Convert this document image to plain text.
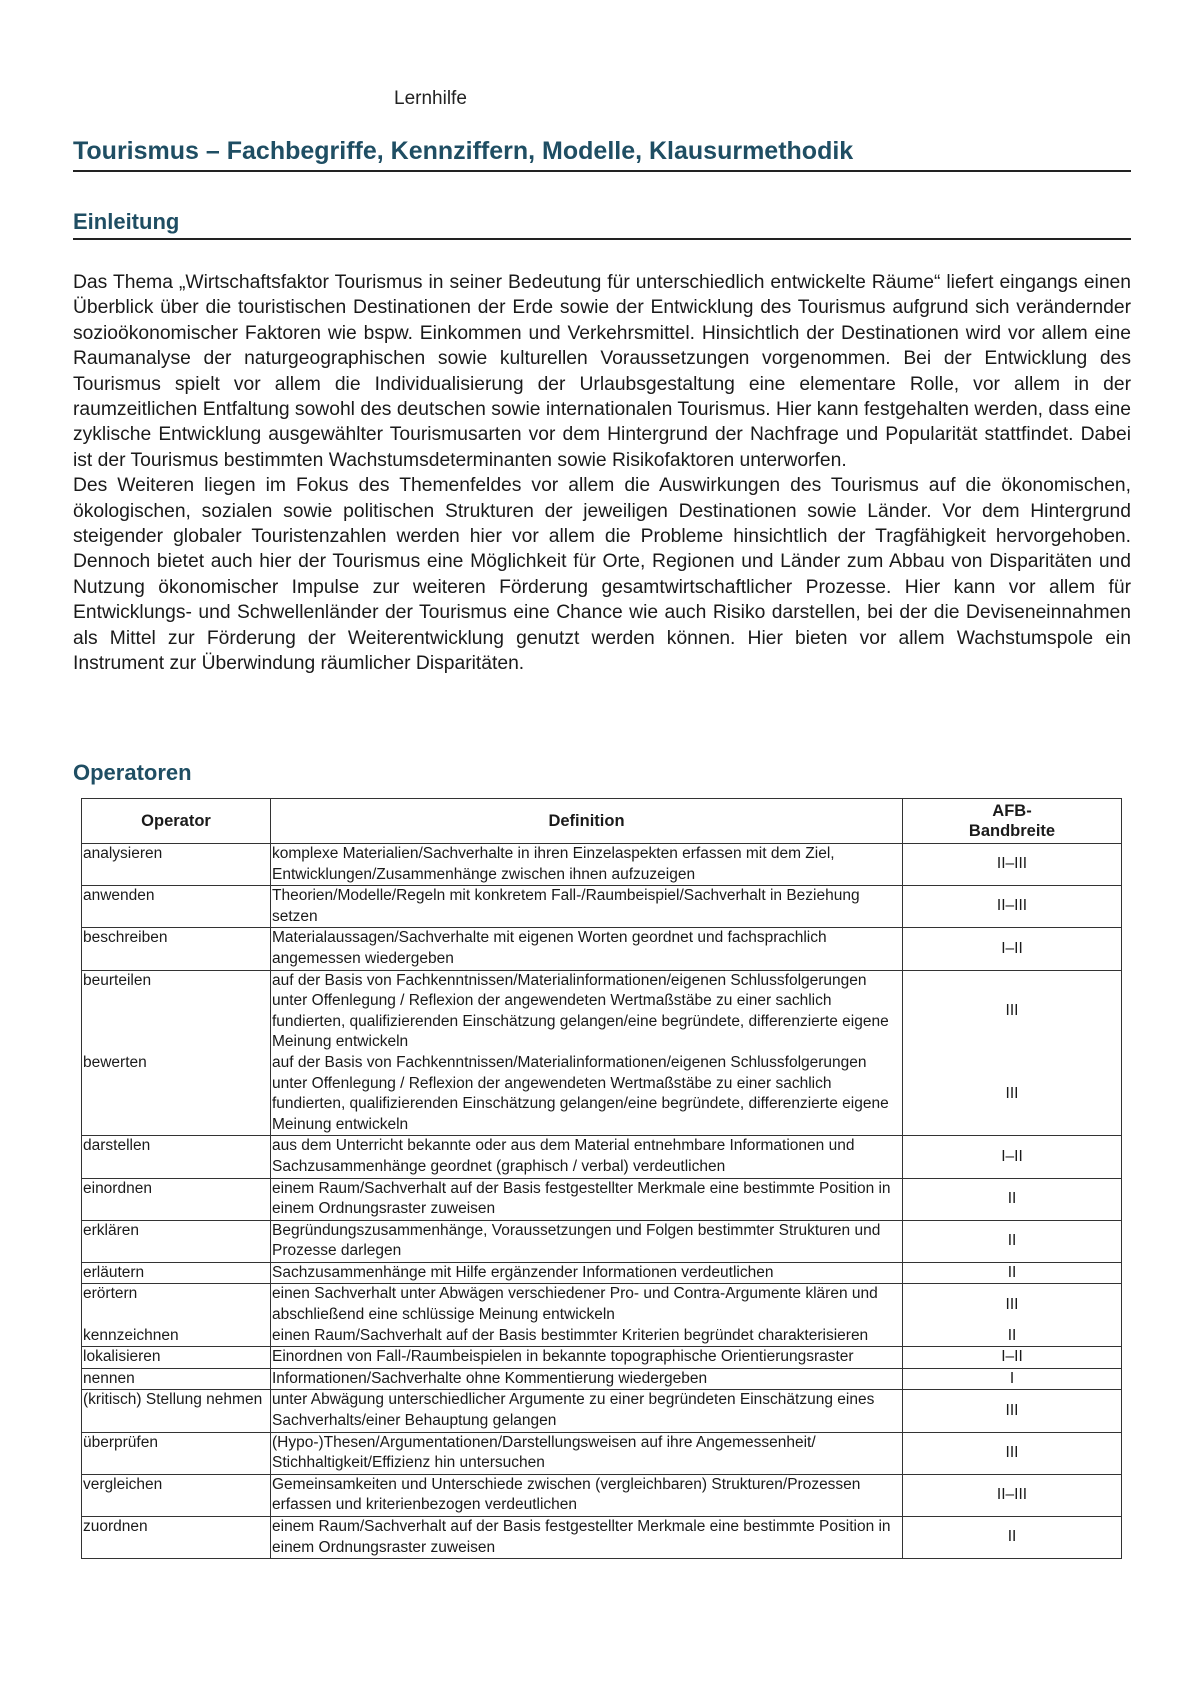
Lernhilfe
Tourismus – Fachbegriffe, Kennziffern, Modelle, Klausurmethodik
Einleitung

Das Thema „Wirtschaftsfaktor Tourismus in seiner Bedeutung für unterschiedlich entwickelte Räume“ liefert eingangs einen Überblick über die touristischen Destinationen der Erde sowie der Entwicklung des Tourismus aufgrund sich verändernder sozioökonomischer Faktoren wie bspw. Einkommen und Verkehrsmittel. Hinsichtlich der Destinationen wird vor allem eine Raumanalyse der naturgeographischen sowie kulturellen Voraussetzungen vorgenommen. Bei der Entwicklung des Tourismus spielt vor allem die Individualisierung der Urlaubsgestaltung eine elementare Rolle, vor allem in der raumzeitlichen Entfaltung sowohl des deutschen sowie internationalen Tourismus. Hier kann festgehalten werden, dass eine zyklische Entwicklung ausgewählter Tourismusarten vor dem Hintergrund der Nachfrage und Popularität stattfindet. Dabei ist der Tourismus bestimmten Wachstumsdeterminanten sowie Risikofaktoren unterworfen.

Des Weiteren liegen im Fokus des Themenfeldes vor allem die Auswirkungen des Tourismus auf die ökonomischen, ökologischen, sozialen sowie politischen Strukturen der jeweiligen Destinationen sowie Länder. Vor dem Hintergrund steigender globaler Touristenzahlen werden hier vor allem die Probleme hinsichtlich der Tragfähigkeit hervorgehoben. Dennoch bietet auch hier der Tourismus eine Möglichkeit für Orte, Regionen und Länder zum Abbau von Disparitäten und Nutzung ökonomischer Impulse zur weiteren Förderung gesamtwirtschaftlicher Prozesse. Hier kann vor allem für Entwicklungs- und Schwellenländer der Tourismus eine Chance wie auch Risiko darstellen, bei der die Deviseneinnahmen als Mittel zur Förderung der Weiterentwicklung genutzt werden können. Hier bieten vor allem Wachstumspole ein Instrument zur Überwindung räumlicher Disparitäten.

Operatoren
Operator	Definition	AFB-
Bandbreite
analysieren	komplexe Materialien/Sachverhalte in ihren Einzelaspekten erfassen mit dem Ziel, Entwicklungen/Zusammenhänge zwischen ihnen aufzuzeigen	II–III
anwenden	Theorien/Modelle/Regeln mit konkretem Fall-/Raumbeispiel/Sachverhalt in Beziehung setzen	II–III
beschreiben	Materialaussagen/Sachverhalte mit eigenen Worten geordnet und fachsprachlich angemessen wiedergeben	I–II
beurteilen	auf der Basis von Fachkenntnissen/Materialinformationen/eigenen Schlussfolgerungen unter Offenlegung / Reflexion der angewendeten Wertmaßstäbe zu einer sachlich fundierten, qualifizierenden Einschätzung gelangen/eine begründete, differenzierte eigene Meinung entwickeln	III
bewerten	auf der Basis von Fachkenntnissen/Materialinformationen/eigenen Schlussfolgerungen unter Offenlegung / Reflexion der angewendeten Wertmaßstäbe zu einer sachlich fundierten, qualifizierenden Einschätzung gelangen/eine begründete, differenzierte eigene Meinung entwickeln	III
darstellen	aus dem Unterricht bekannte oder aus dem Material entnehmbare Informationen und Sachzusammenhänge geordnet (graphisch / verbal) verdeutlichen	I–II
einordnen	einem Raum/Sachverhalt auf der Basis festgestellter Merkmale eine bestimmte Position in einem Ordnungsraster zuweisen	II
erklären	Begründungszusammenhänge, Voraussetzungen und Folgen bestimmter Strukturen und Prozesse darlegen	II
erläutern	Sachzusammenhänge mit Hilfe ergänzender Informationen verdeutlichen	II
erörtern	einen Sachverhalt unter Abwägen verschiedener Pro- und Contra-Argumente klären und abschließend eine schlüssige Meinung entwickeln	III
kennzeichnen	einen Raum/Sachverhalt auf der Basis bestimmter Kriterien begründet charakterisieren	II
lokalisieren	Einordnen von Fall-/Raumbeispielen in bekannte topographische Orientierungsraster	I–II
nennen	Informationen/Sachverhalte ohne Kommentierung wiedergeben	I
(kritisch) Stellung nehmen	unter Abwägung unterschiedlicher Argumente zu einer begründeten Einschätzung eines Sachverhalts/einer Behauptung gelangen	III
überprüfen	(Hypo-)Thesen/Argumentationen/Darstellungsweisen auf ihre Angemessenheit/ Stichhaltigkeit/Effizienz hin untersuchen	III
vergleichen	Gemeinsamkeiten und Unterschiede zwischen (vergleichbaren) Strukturen/Prozessen erfassen und kriterienbezogen verdeutlichen	II–III
zuordnen	einem Raum/Sachverhalt auf der Basis festgestellter Merkmale eine bestimmte Position in einem Ordnungsraster zuweisen	II
